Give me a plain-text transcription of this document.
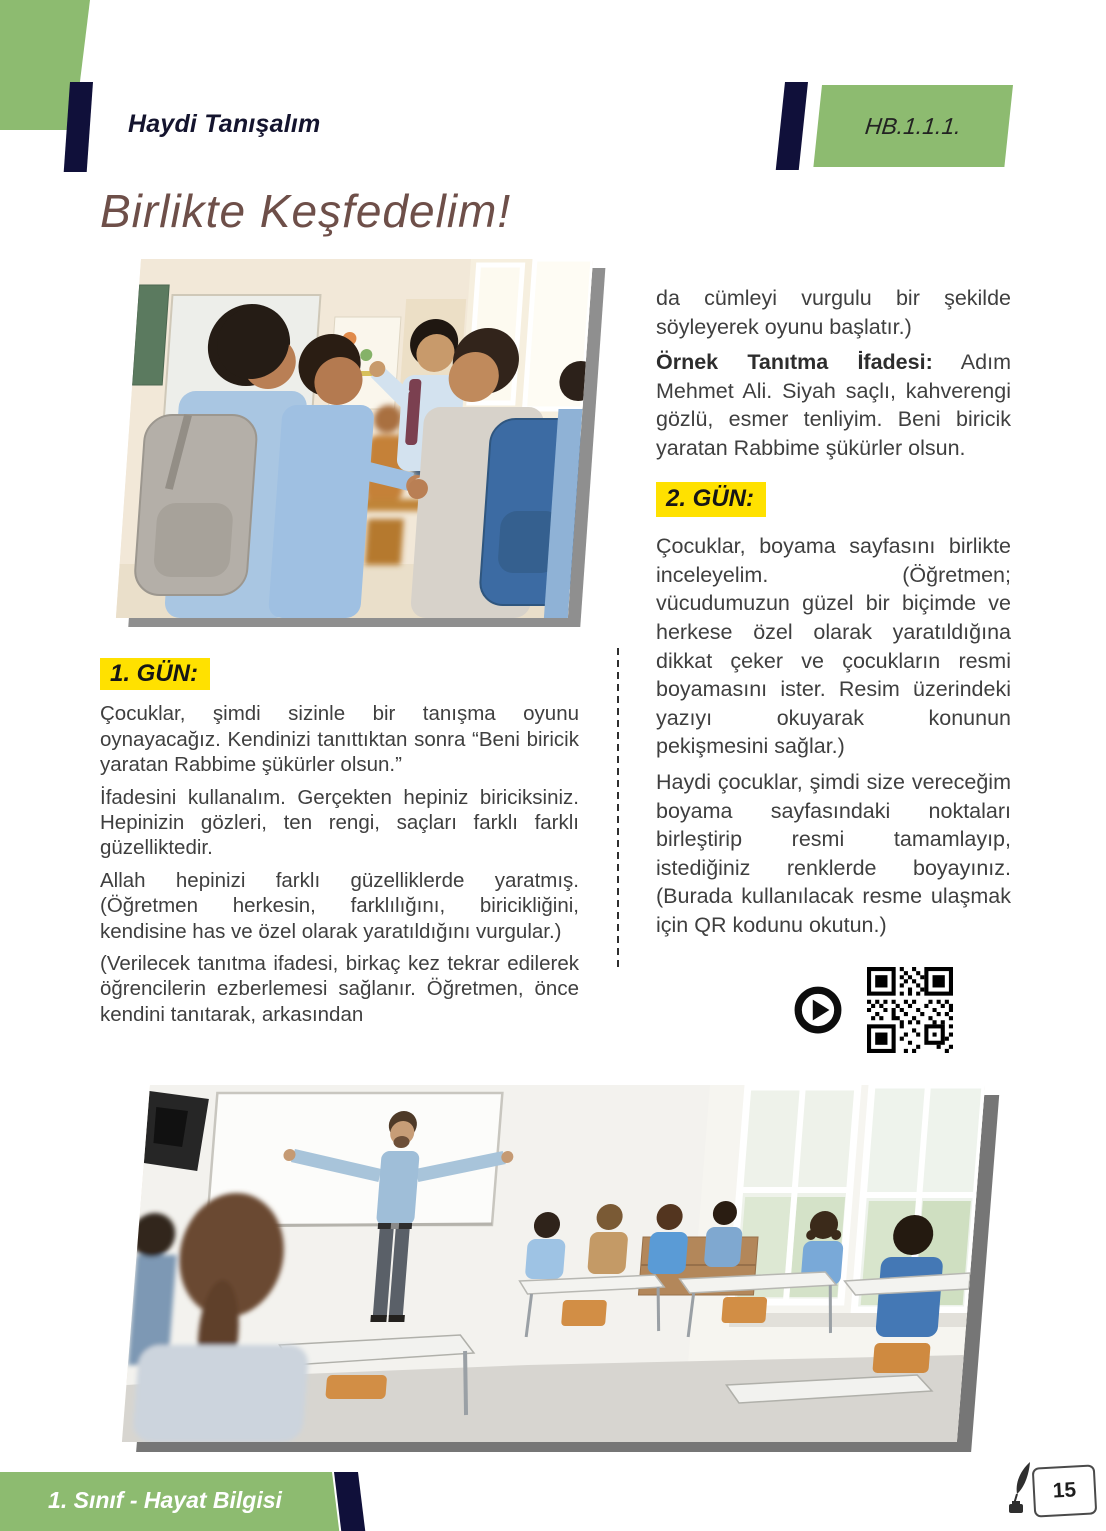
Haydi Tanışalım	HB.1.1.1.
Birlikte Keşfedelim!
1. GÜN:

Çocuklar, şimdi sizinle bir tanışma oyunu oynayacağız. Kendinizi tanıttıktan sonra “Beni biricik yaratan Rabbime şükürler olsun.”

İfadesini kullanalım. Gerçekten hepiniz biriciksiniz. Hepinizin gözleri, ten rengi, saçları farklı farklı güzelliktedir.

Allah hepinizi farklı güzelliklerde yaratmış. (Öğretmen herkesin, farklılığını, biricikliğini, kendisine has ve özel olarak yaratıldığını vurgular.)

(Verilecek tanıtma ifadesi, birkaç kez tekrar edilerek öğrencilerin ezberlemesi sağlanır. Öğretmen, önce kendini tanıtarak, arkasından

da cümleyi vurgulu bir şekilde söyleyerek oyunu başlatır.)

Örnek Tanıtma İfadesi: Adım Mehmet Ali. Siyah saçlı, kahverengi gözlü, esmer tenliyim. Beni biricik yaratan Rabbime şükürler olsun.

2. GÜN:

Çocuklar, boyama sayfasını birlikte inceleyelim. (Öğretmen; vücudumuzun güzel bir biçimde ve herkese özel olarak yaratıldığına dikkat çeker ve çocukların resmi boyamasını ister. Resim üzerindeki yazıyı okuyarak konunun pekişmesini sağlar.)

Haydi çocuklar, şimdi size vereceğim boyama sayfasındaki noktaları birleştirip resmi tamamlayıp, istediğiniz renklerde boyayınız. (Burada kullanılacak resme ulaşmak için QR kodunu okutun.)

1. Sınıf - Hayat Bilgisi	15
